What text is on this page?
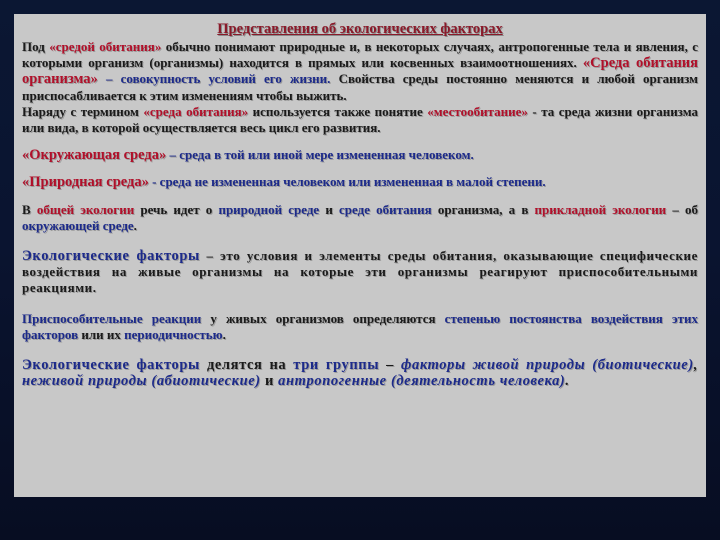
Представления об экологических факторах
Под «средой обитания» обычно понимают природные и, в некоторых случаях, антропогенные тела и явления, с которыми организм (организмы) находится в прямых или косвенных взаимоотношениях. «Среда обитания организма» – совокупность условий его жизни. Свойства среды постоянно меняются и любой организм приспосабливается к этим изменениям чтобы выжить.
Наряду с термином «среда обитания» используется также понятие «местообитание» - та среда жизни организма или вида, в которой осуществляется весь цикл его развития.
«Окружающая среда» – среда в той или иной мере измененная человеком.
«Природная среда» - среда не измененная человеком или измененная в малой степени.
В общей экологии речь идет о природной среде и среде обитания организма, а в прикладной экологии – об окружающей среде.
Экологические факторы – это условия и элементы среды обитания, оказывающие специфические воздействия на живые организмы на которые эти организмы реагируют приспособительными реакциями.
Приспособительные реакции у живых организмов определяются степенью постоянства воздействия этих факторов или их периодичностью.
Экологические факторы делятся на три группы – факторы живой природы (биотические), неживой природы (абиотические) и антропогенные (деятельность человека).
